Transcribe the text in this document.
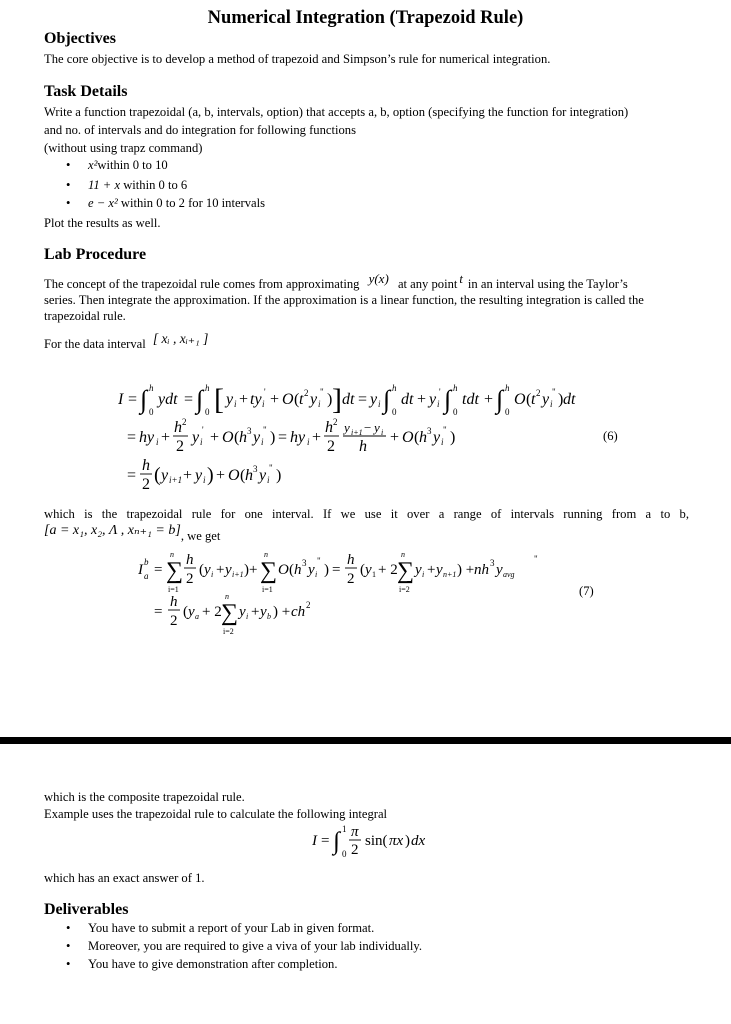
Numerical Integration (Trapezoid Rule)
Objectives
The core objective is to develop a method of trapezoid and Simpson’s rule for numerical integration.
Task Details
Write a function trapezoidal (a, b, intervals, option) that accepts a, b, option (specifying the function for integration)
and no. of intervals and do integration for following functions
(without using trapz command)
• x²within 0 to 10
• 11 + x within 0 to 6
• e − x² within 0 to 2 for 10 intervals
Plot the results as well.
Lab Procedure
The concept of the trapezoidal rule comes from approximating y(x) at any point t in an interval using the Taylor’s
series. Then integrate the approximation. If the approximation is a linear function, the resulting integration is called the
trapezoidal rule.
For the data interval [ xᵢ , xᵢ₊₁ ]
I = ∫ h
0
ydt = ∫ h
0 [ y i + ty i
' + O ( t 2 y i
" ) ] dt = y i ∫ h
0
dt + y i
' ∫ h
0
tdt + ∫ h
0
O ( t 2 y i
" ) dt
= hy i +
h 2
2
y i
' + O ( h 3 y i
" ) = hy i +
h 2
2
y i+1 − y i
h
+ O ( h 3 y i
" )	(6)
=
h
2 ( y i+1 + y i ) + O ( h 3 y i
" )
which is the trapezoidal rule for one interval. If we use it over a range of intervals running from a to b,
[a = x₁, x₂, Λ , xₙ₊₁ = b], we get
I b
a = ∑
n
i=1
h
2
( y i + y i+1 ) + ∑
n
i=1
O ( h 3 y i
"
) =
h
2
( y 1 + 2 ∑
n
i=2
y i + y n+1 ) + nh 3 y avg
"
(7)
=
h
2
( y a + 2 ∑
n
i=2
y i + y b ) + ch 2
which is the composite trapezoidal rule.
Example uses the trapezoidal rule to calculate the following integral
I = ∫ 1
0
π
2
sin( πx ) dx
which has an exact answer of 1.
Deliverables
• You have to submit a report of your Lab in given format.
• Moreover, you are required to give a viva of your lab individually.
• You have to give demonstration after completion.
